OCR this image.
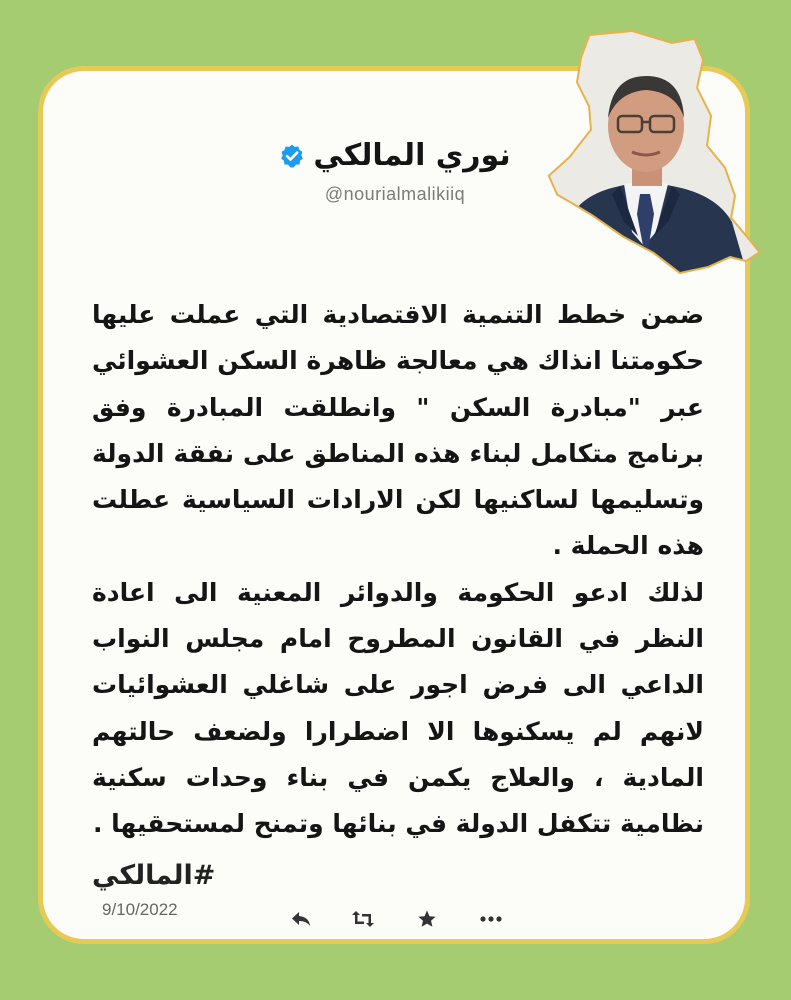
نوري المالكي
@nourialmalikiiq

ضمن خطط التنمية الاقتصادية التي عملت عليها حكومتنا انذاك هي معالجة ظاهرة السكن العشوائي عبر "مبادرة السكن " وانطلقت المبادرة وفق برنامج متكامل لبناء هذه المناطق على نفقة الدولة وتسليمها لساكنيها لكن الارادات السياسية عطلت هذه الحملة .

لذلك ادعو الحكومة والدوائر المعنية الى اعادة النظر في القانون المطروح امام مجلس النواب الداعي الى فرض اجور على شاغلي العشوائيات لانهم لم يسكنوها الا اضطرارا ولضعف حالتهم المادية ، والعلاج يكمن في بناء وحدات سكنية نظامية تتكفل الدولة في بنائها وتمنح لمستحقيها .

#المالكي
9/10/2022
